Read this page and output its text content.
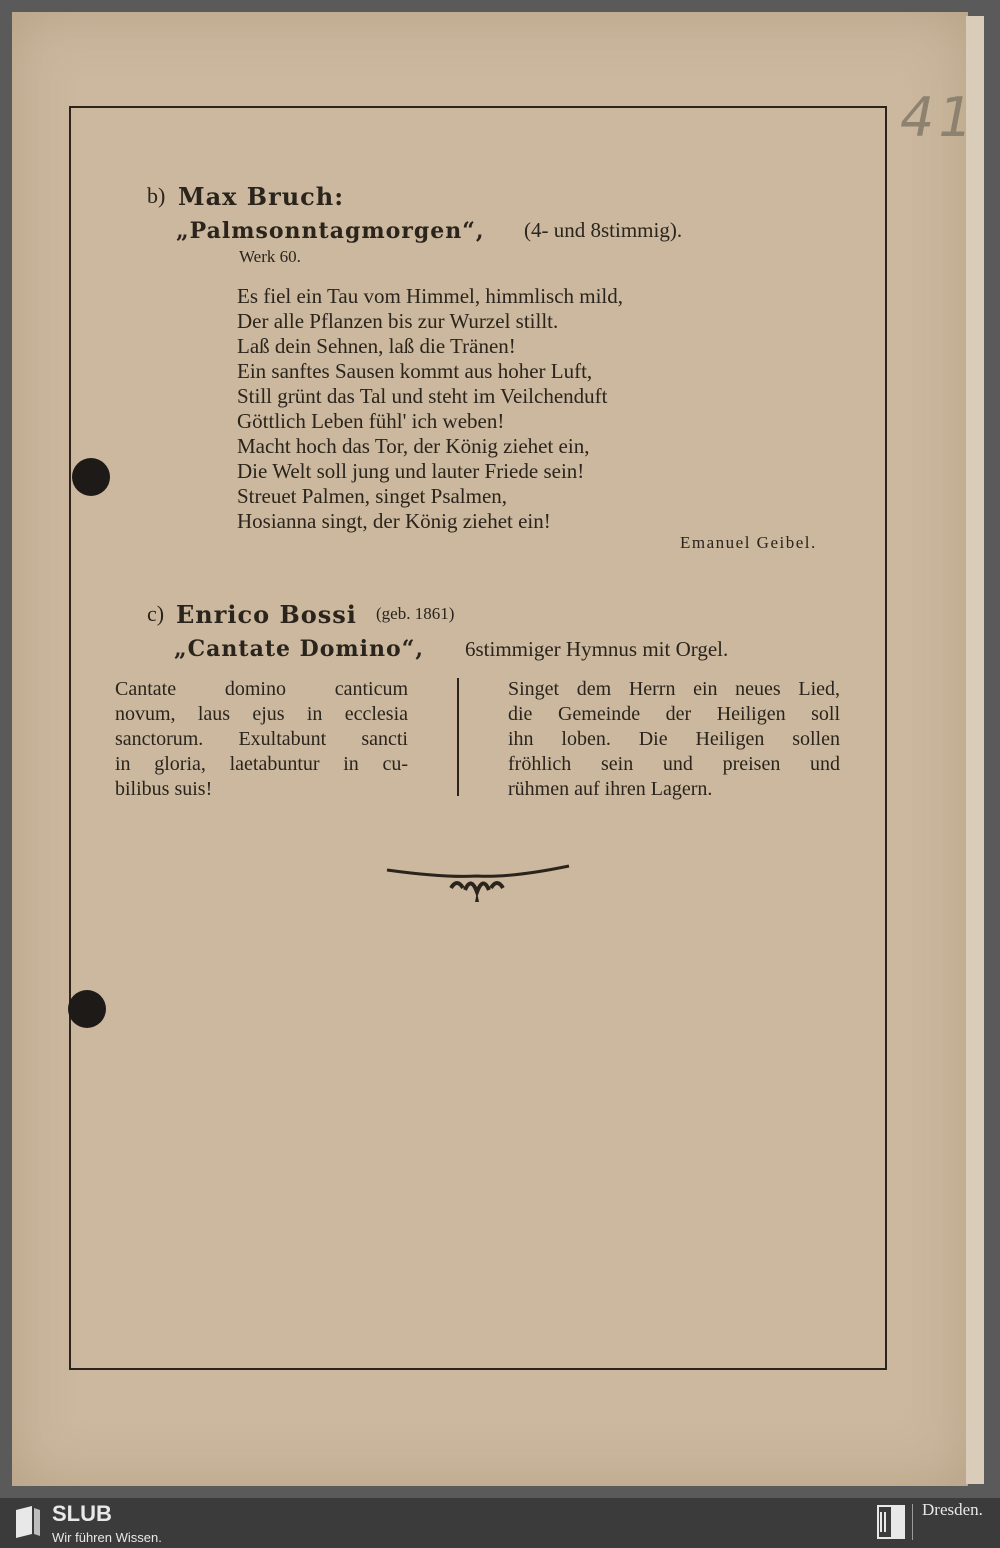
41
b) Max Bruch:
„Palmsonntagmorgen“, (4- und 8stimmig).
Werk 60.
Es fiel ein Tau vom Himmel, himmlisch mild,
Der alle Pflanzen bis zur Wurzel stillt.
Laß dein Sehnen, laß die Tränen!
Ein sanftes Sausen kommt aus hoher Luft,
Still grünt das Tal und steht im Veilchenduft
Göttlich Leben fühl' ich weben!
Macht hoch das Tor, der König ziehet ein,
Die Welt soll jung und lauter Friede sein!
Streuet Palmen, singet Psalmen,
Hosianna singt, der König ziehet ein!
Emanuel Geibel.
c) Enrico Bossi (geb. 1861)
„Cantate Domino“, 6stimmiger Hymnus mit Orgel.
Cantate domino canticum
novum, laus ejus in ecclesia
sanctorum. Exultabunt sancti
in gloria, laetabuntur in cu-
bilibus suis!
Singet dem Herrn ein neues Lied,
die Gemeinde der Heiligen soll
ihn loben. Die Heiligen sollen
fröhlich sein und preisen und
rühmen auf ihren Lagern.
SLUB
Wir führen Wissen.
Dresden.
